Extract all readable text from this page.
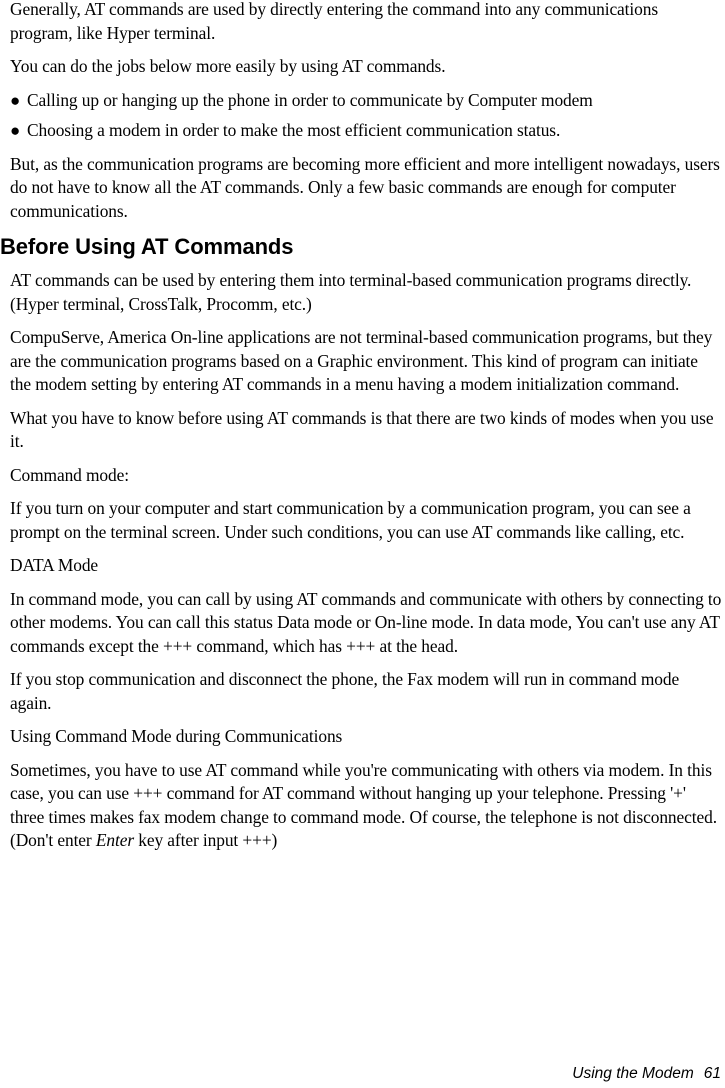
Generally, AT commands are used by directly entering the command into any communications program, like Hyper terminal.

You can do the jobs below more easily by using AT commands.

● Calling up or hanging up the phone in order to communicate by Computer modem

● Choosing a modem in order to make the most efficient communication status.

But, as the communication programs are becoming more efficient and more intelligent nowadays, users do not have to know all the AT commands. Only a few basic commands are enough for computer communications.

Before Using AT Commands

AT commands can be used by entering them into terminal-based communication programs directly. (Hyper terminal, CrossTalk, Procomm, etc.)

CompuServe, America On-line applications are not terminal-based communication programs, but they are the communication programs based on a Graphic environment. This kind of program can initiate the modem setting by entering AT commands in a menu having a modem initialization command.

What you have to know before using AT commands is that there are two kinds of modes when you use it.

Command mode:

If you turn on your computer and start communication by a communication program, you can see a prompt on the terminal screen. Under such conditions, you can use AT commands like calling, etc.

DATA Mode

In command mode, you can call by using AT commands and communicate with others by connecting to other modems. You can call this status Data mode or On-line mode. In data mode, You can't use any AT commands except the +++ command, which has +++ at the head.

If you stop communication and disconnect the phone, the Fax modem will run in command mode again.

Using Command Mode during Communications

Sometimes, you have to use AT command while you're communicating with others via modem. In this case, you can use +++ command for AT command without hanging up your telephone. Pressing '+' three times makes fax modem change to command mode. Of course, the telephone is not disconnected. (Don't enter Enter key after input +++)

Using the Modem 61
